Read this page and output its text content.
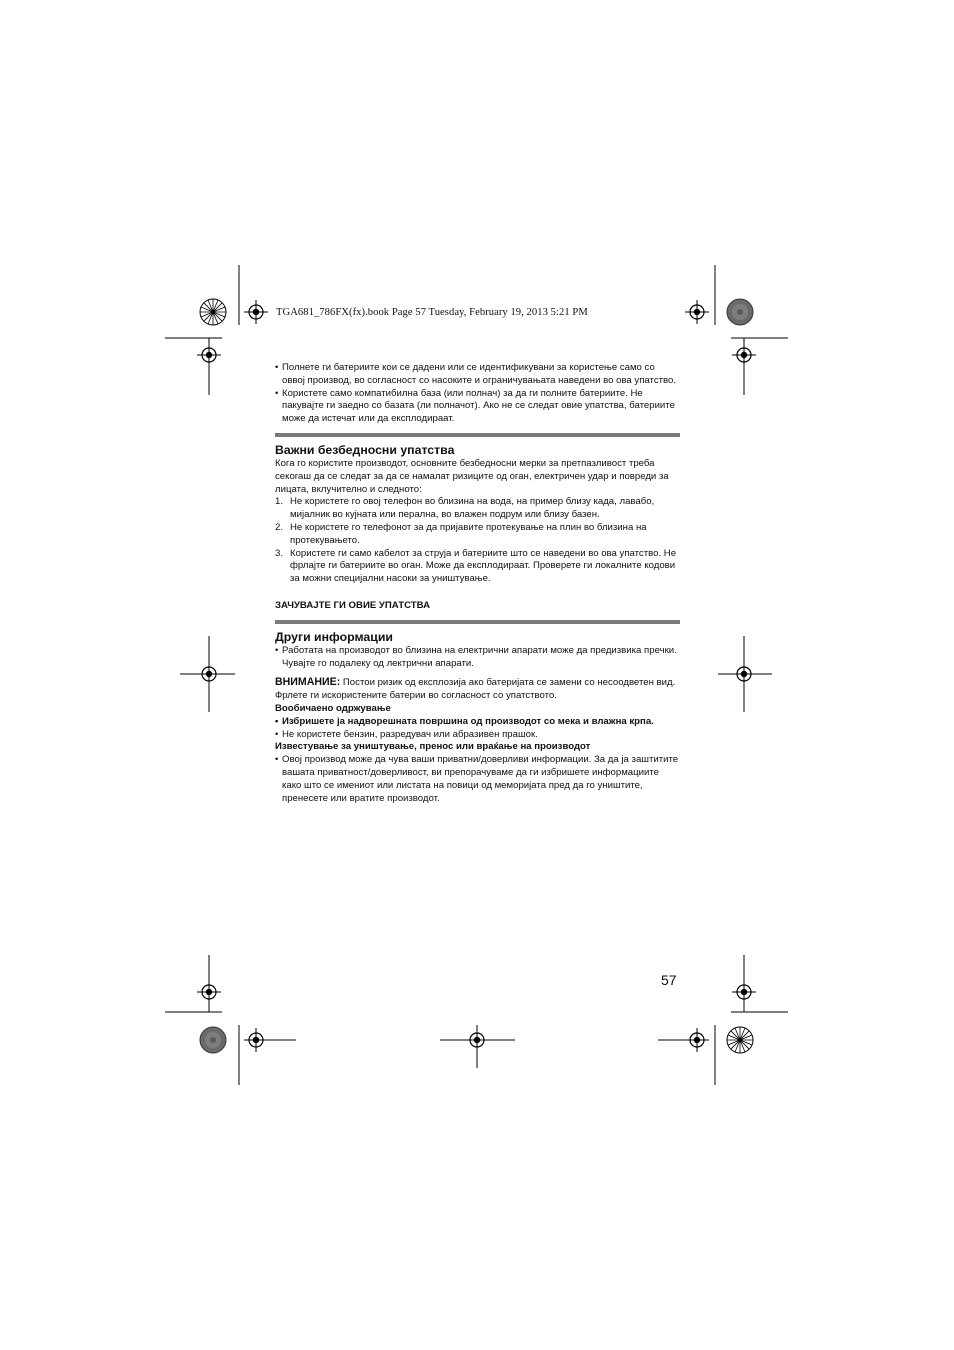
TGA681_786FX(fx).book Page 57 Tuesday, February 19, 2013 5:21 PM
• Полнете ги батериите кои се дадени или се идентификувани за користење само со оввој производ, во согласност со насоките и ограничувањата наведени во ова упатство.
• Користете само компатибилна база (или полнач) за да ги полните батериите. Не пакувајте ги заедно со базата (ли полначот). Ако не се следат овие упатства, батериите може да истечат или да експлодираат.
Важни безбедносни упатства
Кога го користите производот, основните безбедносни мерки за претпазливост треба секогаш да се следат за да се намалат ризиците од оган, електричен удар и повреди за лицата, вклучително и следното:
1. Не користете го овој телефон во близина на вода, на пример близу када, лавабо, мијалник во кујната или перална, во влажен подрум или близу базен.
2. Не користете го телефонот за да пријавите протекување на плин во близина на протекувањето.
3. Користете ги само кабелот за струја и батериите што се наведени во ова упатство. Не фрлајте ги батериите во оган. Може да експлодираат. Проверете ги локалните кодови за можни специјални насоки за уништување.
ЗАЧУВАЈТЕ ГИ ОВИЕ УПАТСТВА
Други информации
• Работата на производот во близина на електрични апарати може да предизвика пречки. Чувајте го подалеку од лектрични апарати.
ВНИМАНИЕ: Постои ризик од експлозија ако батеријата се замени со несоодветен вид. Фрлете ги искористените батерии во согласност со упатството.
Вообичаено одржување
• Избришете ја надворешната површина од производот со мека и влажна крпа.
• Не користете бензин, разредувач или абразивен прашок.
Известување за уништување, пренос или враќање на производот
• Овој производ може да чува ваши приватни/доверливи информации. За да ја заштитите вашата приватност/доверливост, ви препорачуваме да ги избришете информациите како што се имениот или листата на повици од меморијата пред да го уништите, пренесете или вратите производот.
57
